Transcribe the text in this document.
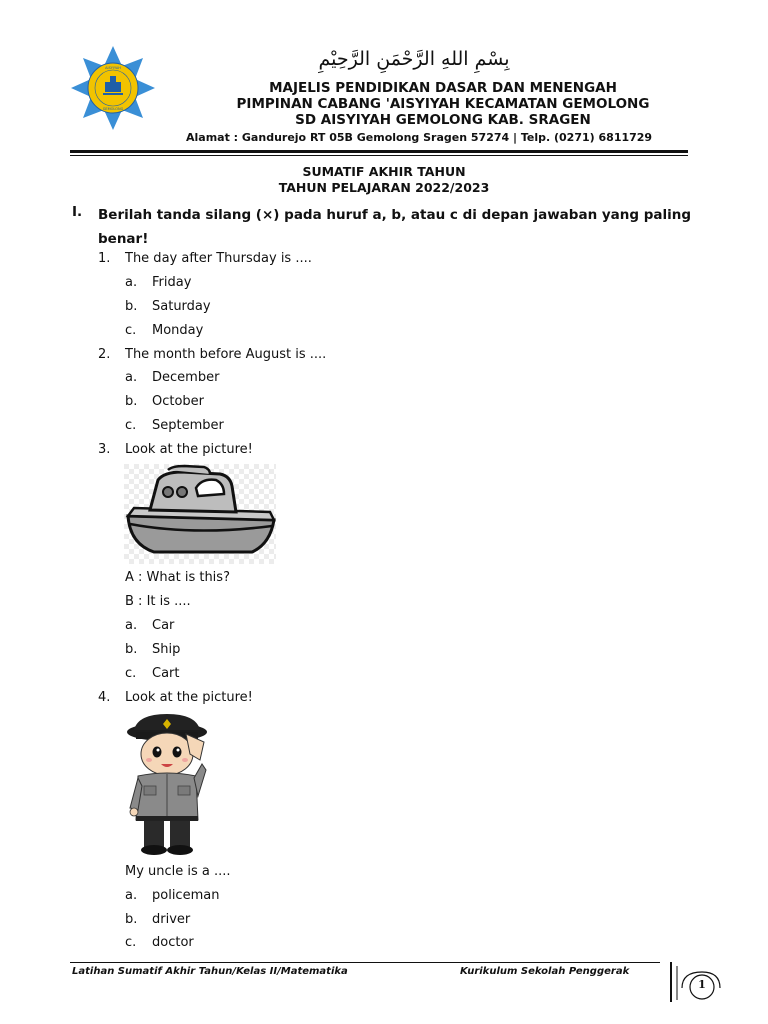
AISYIYAH
GEMOLONG
بِسْمِ اللهِ الرَّحْمَنِ الرَّحِيْمِ
MAJELIS PENDIDIKAN DASAR DAN MENENGAH
PIMPINAN CABANG 'AISYIYAH KECAMATAN GEMOLONG
SD AISYIYAH GEMOLONG KAB. SRAGEN
Alamat : Gandurejo RT 05B Gemolong Sragen 57274 | Telp. (0271) 6811729
SUMATIF AKHIR TAHUN
TAHUN PELAJARAN 2022/2023
I. Berilah tanda silang (×) pada huruf a, b, atau c di depan jawaban yang paling benar!
1. The day after Thursday is ....
a. Friday
b. Saturday
c. Monday
2. The month before August is ....
a. December
b. October
c. September
3. Look at the picture!
A : What is this?
B : It is ....
a. Car
b. Ship
c. Cart
4. Look at the picture!
My uncle is a ....
a. policeman
b. driver
c. doctor
Latihan Sumatif Akhir Tahun/Kelas II/Matematika	Kurikulum Sekolah Penggerak
1
